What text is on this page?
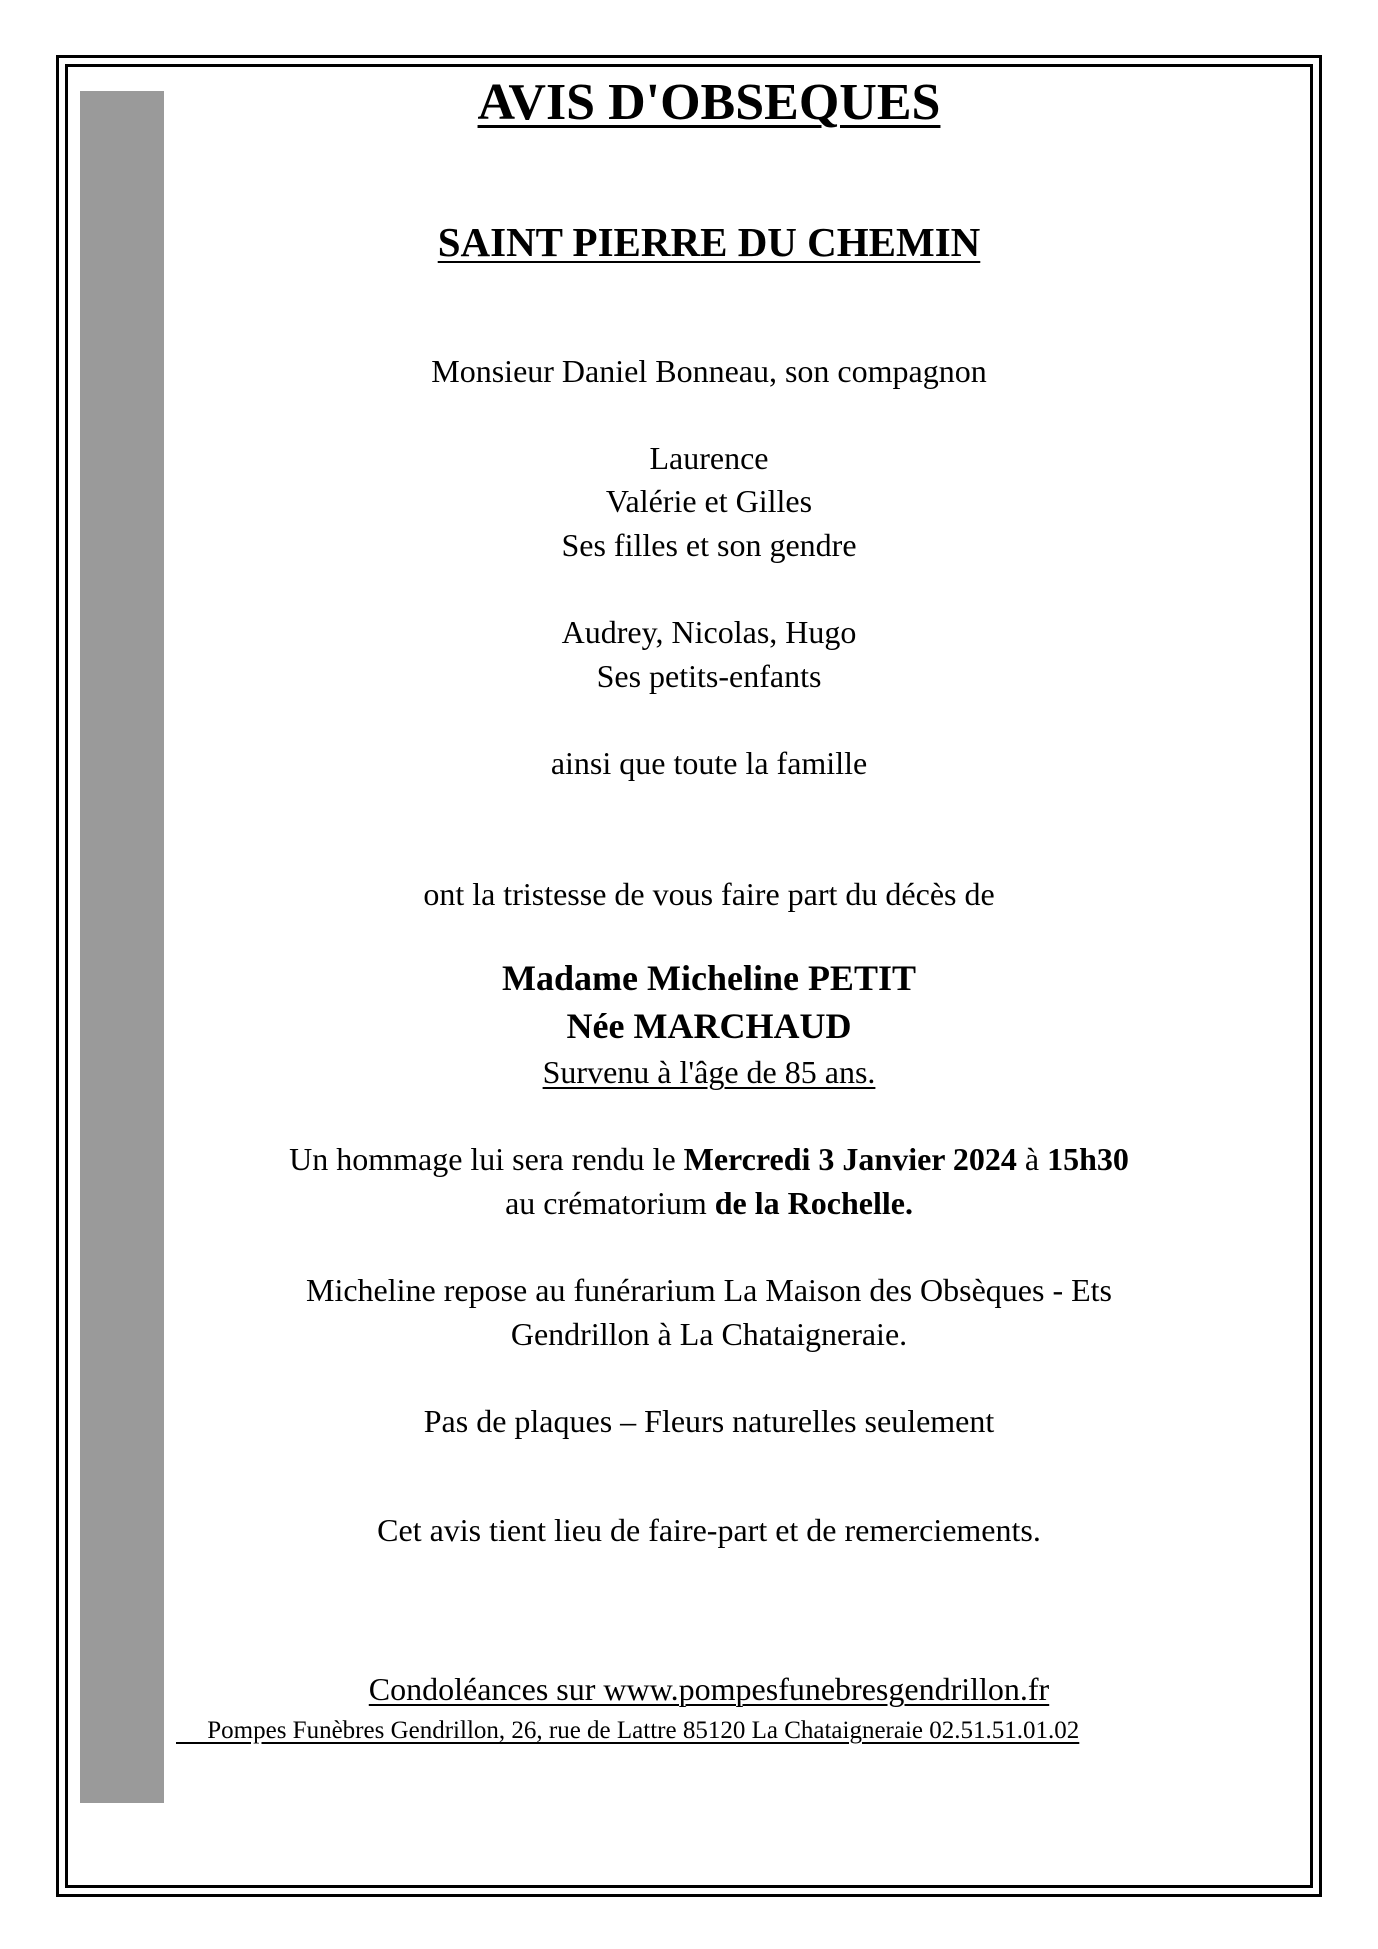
AVIS D'OBSEQUES
SAINT PIERRE DU CHEMIN
Monsieur Daniel Bonneau, son compagnon
Laurence
Valérie et Gilles
Ses filles et son gendre
Audrey, Nicolas, Hugo
Ses petits-enfants
ainsi que toute la famille
ont la tristesse de vous faire part du décès de
Madame Micheline PETIT
Née MARCHAUD
Survenu à l'âge de 85 ans.
Un hommage lui sera rendu le Mercredi 3 Janvier 2024 à 15h30
au crématorium de la Rochelle.
Micheline repose au funérarium La Maison des Obsèques - Ets
Gendrillon à La Chataigneraie.
Pas de plaques – Fleurs naturelles seulement
Cet avis tient lieu de faire-part et de remerciements.
Condoléances sur www.pompesfunebresgendrillon.fr
Pompes Funèbres Gendrillon, 26, rue de Lattre 85120 La Chataigneraie 02.51.51.01.02
